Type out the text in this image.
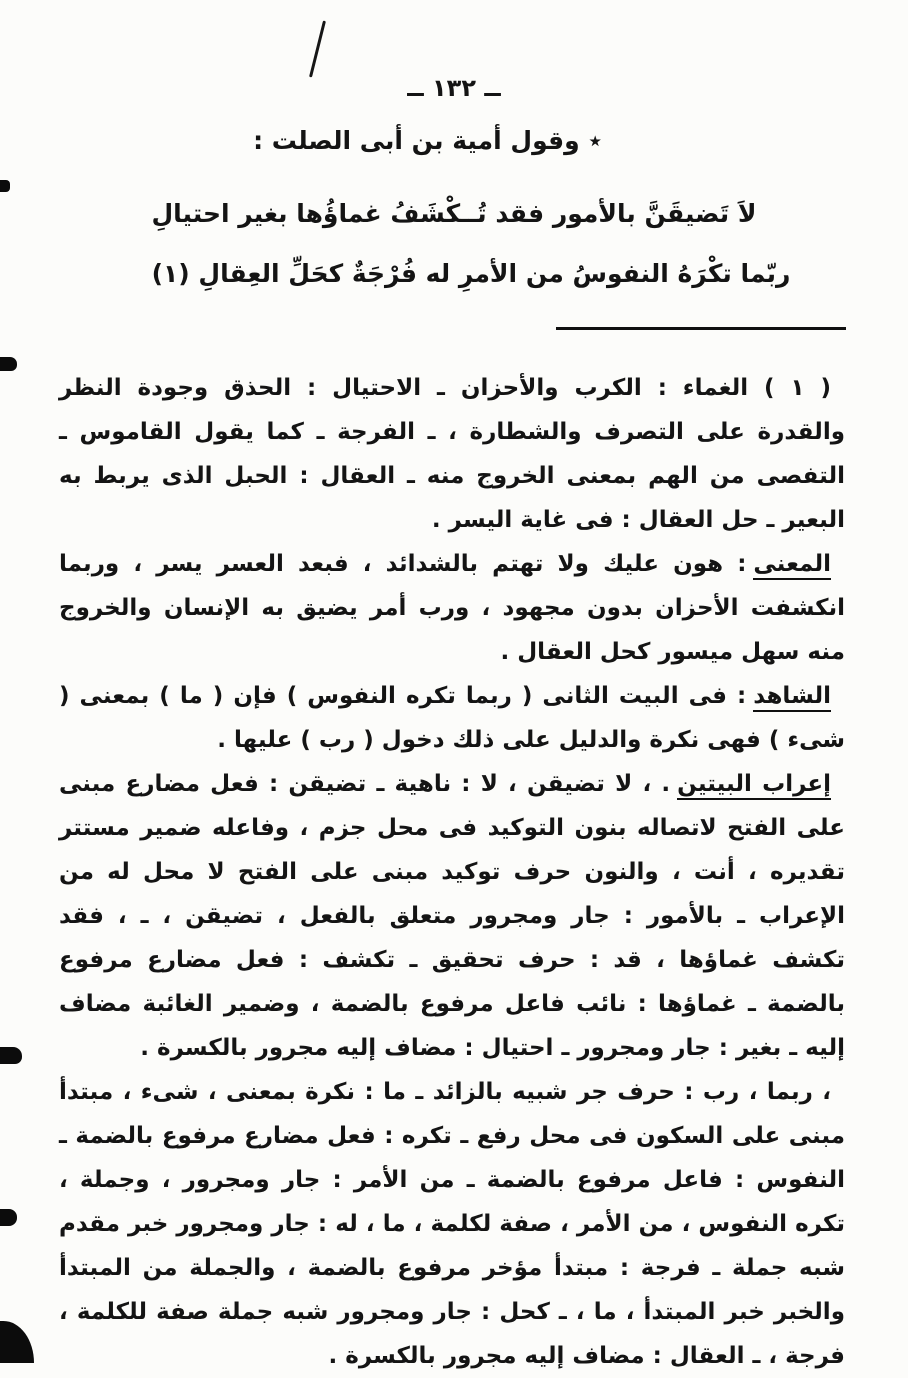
ــ ١٣٢ ــ
٭ وقول أمية بن أبى الصلت :
لاَ تَضيقَنَّ بالأمور فقد تُــكْشَفُ غماؤُها بغير احتيالِ
ربّما تكْرَهُ النفوسُ من الأمرِ له فُرْجَةٌ كحَلِّ العِقالِ (١)

( ١ ) الغماء : الكرب والأحزان ـ الاحتيال : الحذق وجودة النظر والقدرة على التصرف والشطارة ، ـ الفرجة ـ كما يقول القاموس ـ التفصى من الهم بمعنى الخروج منه ـ العقال : الحبل الذى يربط به البعير ـ حل العقال : فى غاية اليسر .

المعنى: هون عليك ولا تهتم بالشدائد ، فبعد العسر يسر ، وربما انكشفت الأحزان بدون مجهود ، ورب أمر يضيق به الإنسان والخروج منه سهل ميسور كحل العقال .

الشاهد: فى البيت الثانى ( ربما تكره النفوس ) فإن ( ما ) بمعنى ( شىء ) فهى نكرة والدليل على ذلك دخول ( رب ) عليها .

إعراب البيتين. ، لا تضيقن ، لا : ناهية ـ تضيقن : فعل مضارع مبنى على الفتح لاتصاله بنون التوكيد فى محل جزم ، وفاعله ضمير مستتر تقديره ، أنت ، والنون حرف توكيد مبنى على الفتح لا محل له من الإعراب ـ بالأمور : جار ومجرور متعلق بالفعل ، تضيقن ، ـ ، فقد تكشف غماؤها ، قد : حرف تحقيق ـ تكشف : فعل مضارع مرفوع بالضمة ـ غماؤها : نائب فاعل مرفوع بالضمة ، وضمير الغائبة مضاف إليه ـ بغير : جار ومجرور ـ احتيال : مضاف إليه مجرور بالكسرة .

، ربما ، رب : حرف جر شبيه بالزائد ـ ما : نكرة بمعنى ، شىء ، مبتدأ مبنى على السكون فى محل رفع ـ تكره : فعل مضارع مرفوع بالضمة ـ النفوس : فاعل مرفوع بالضمة ـ من الأمر : جار ومجرور ، وجملة ، تكره النفوس ، من الأمر ، صفة لكلمة ، ما ، له : جار ومجرور خبر مقدم شبه جملة ـ فرجة : مبتدأ مؤخر مرفوع بالضمة ، والجملة من المبتدأ والخبر خبر المبتدأ ، ما ، ـ كحل : جار ومجرور شبه جملة صفة للكلمة ، فرجة ، ـ العقال : مضاف إليه مجرور بالكسرة .
